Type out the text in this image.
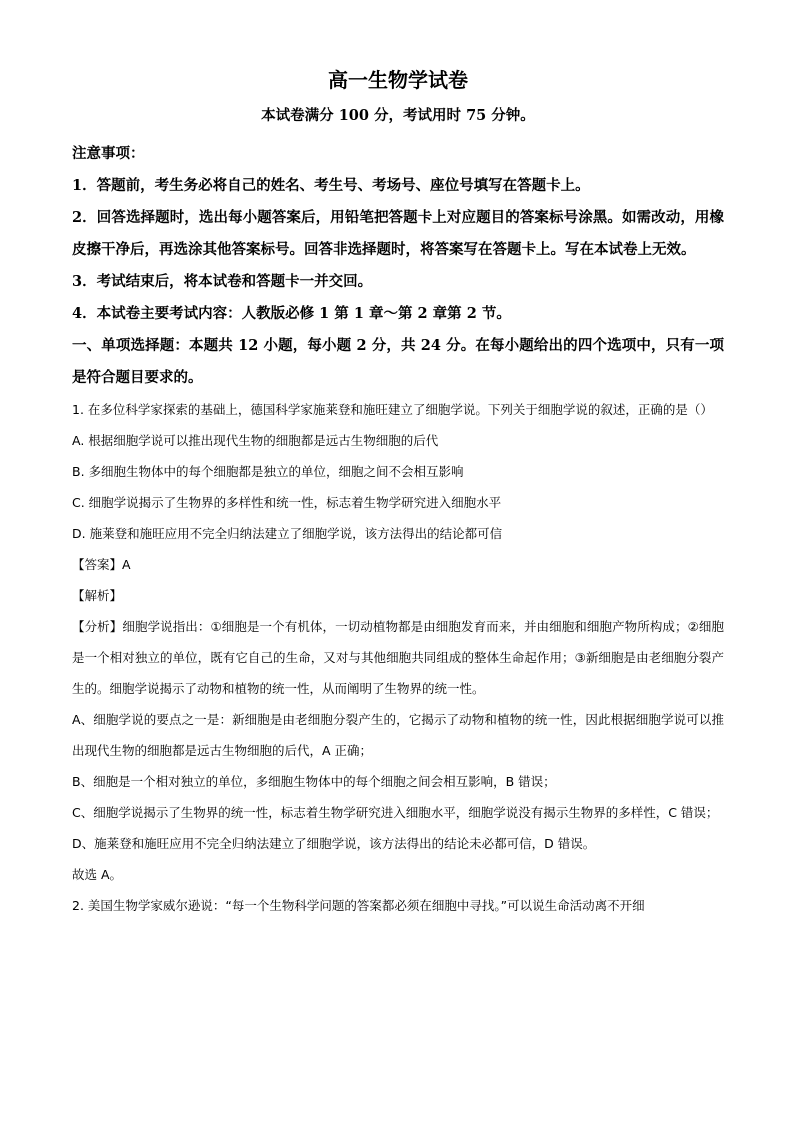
高一生物学试卷

本试卷满分 100 分，考试用时 75 分钟。

注意事项：

1．答题前，考生务必将自己的姓名、考生号、考场号、座位号填写在答题卡上。

2．回答选择题时，选出每小题答案后，用铅笔把答题卡上对应题目的答案标号涂黑。如需改动，用橡皮擦干净后，再选涂其他答案标号。回答非选择题时，将答案写在答题卡上。写在本试卷上无效。

3．考试结束后，将本试卷和答题卡一并交回。

4．本试卷主要考试内容：人教版必修 1 第 1 章～第 2 章第 2 节。

一、单项选择题：本题共 12 小题，每小题 2 分，共 24 分。在每小题给出的四个选项中，只有一项是符合题目要求的。

1. 在多位科学家探索的基础上，德国科学家施莱登和施旺建立了细胞学说。下列关于细胞学说的叙述，正确的是（）

A. 根据细胞学说可以推出现代生物的细胞都是远古生物细胞的后代

B. 多细胞生物体中的每个细胞都是独立的单位，细胞之间不会相互影响

C. 细胞学说揭示了生物界的多样性和统一性，标志着生物学研究进入细胞水平

D. 施莱登和施旺应用不完全归纳法建立了细胞学说，该方法得出的结论都可信

【答案】A

【解析】

【分析】细胞学说指出：①细胞是一个有机体，一切动植物都是由细胞发育而来，并由细胞和细胞产物所构成；②细胞是一个相对独立的单位，既有它自己的生命，又对与其他细胞共同组成的整体生命起作用；③新细胞是由老细胞分裂产生的。细胞学说揭示了动物和植物的统一性，从而阐明了生物界的统一性。

A、细胞学说的要点之一是：新细胞是由老细胞分裂产生的，它揭示了动物和植物的统一性，因此根据细胞学说可以推出现代生物的细胞都是远古生物细胞的后代，A 正确；

B、细胞是一个相对独立的单位，多细胞生物体中的每个细胞之间会相互影响，B 错误；

C、细胞学说揭示了生物界的统一性，标志着生物学研究进入细胞水平，细胞学说没有揭示生物界的多样性，C 错误；

D、施莱登和施旺应用不完全归纳法建立了细胞学说，该方法得出的结论未必都可信，D 错误。

故选 A。

2. 美国生物学家威尔逊说：“每一个生物科学问题的答案都必须在细胞中寻找。”可以说生命活动离不开细
